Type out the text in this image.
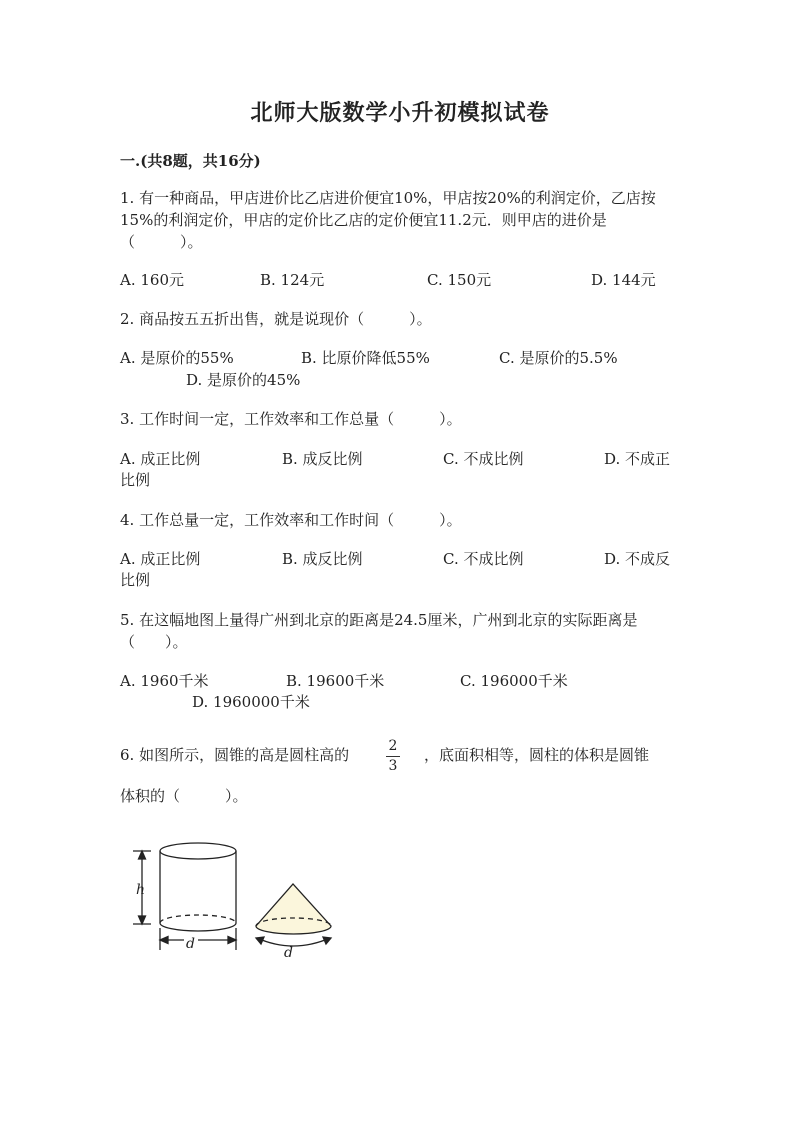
北师大版数学小升初模拟试卷
一.(共8题，共16分)
1. 有一种商品，甲店进价比乙店进价便宜10%，甲店按20%的利润定价，乙店按
15%的利润定价，甲店的定价比乙店的定价便宜11.2元．则甲店的进价是
（　　　）。
A. 160元	B. 124元	C. 150元	D. 144元
2. 商品按五五折出售，就是说现价（　　　）。
A. 是原价的55%	B. 比原价降低55%	C. 是原价的5.5%
D. 是原价的45%
3. 工作时间一定，工作效率和工作总量（　　　）。
A. 成正比例	B. 成反比例	C. 不成比例	D. 不成正
比例
4. 工作总量一定，工作效率和工作时间（　　　）。
A. 成正比例	B. 成反比例	C. 不成比例	D. 不成反
比例
5. 在这幅地图上量得广州到北京的距离是24.5厘米，广州到北京的实际距离是
（　　）。
A. 1960千米	B. 19600千米	C. 196000千米
D. 1960000千米
6. 如图所示，圆锥的高是圆柱高的	2
3
，底面积相等，圆柱的体积是圆锥
体积的（　　　）。
h
d
d
